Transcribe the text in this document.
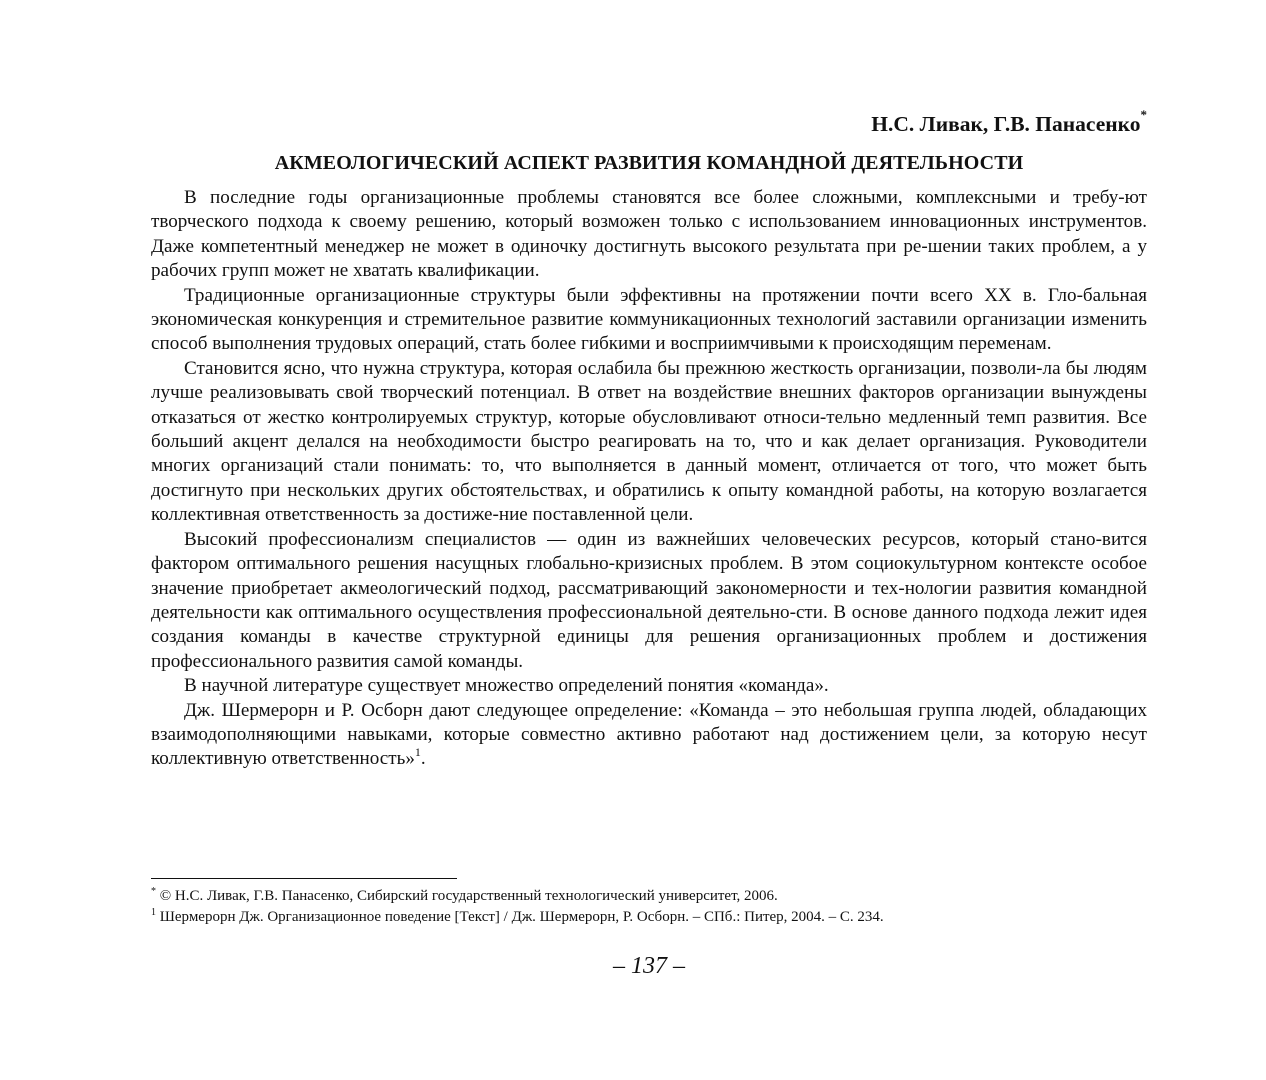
Н.С. Ливак, Г.В. Панасенко*
АКМЕОЛОГИЧЕСКИЙ АСПЕКТ РАЗВИТИЯ КОМАНДНОЙ ДЕЯТЕЛЬНОСТИ

В последние годы организационные проблемы становятся все более сложными, комплексными и требу-ют творческого подхода к своему решению, который возможен только с использованием инновационных инструментов. Даже компетентный менеджер не может в одиночку достигнуть высокого результата при ре-шении таких проблем, а у рабочих групп может не хватать квалификации.

Традиционные организационные структуры были эффективны на протяжении почти всего XX в. Гло-бальная экономическая конкуренция и стремительное развитие коммуникационных технологий заставили организации изменить способ выполнения трудовых операций, стать более гибкими и восприимчивыми к происходящим переменам.

Становится ясно, что нужна структура, которая ослабила бы прежнюю жесткость организации, позволи-ла бы людям лучше реализовывать свой творческий потенциал. В ответ на воздействие внешних факторов организации вынуждены отказаться от жестко контролируемых структур, которые обусловливают относи-тельно медленный темп развития. Все больший акцент делался на необходимости быстро реагировать на то, что и как делает организация. Руководители многих организаций стали понимать: то, что выполняется в данный момент, отличается от того, что может быть достигнуто при нескольких других обстоятельствах, и обратились к опыту командной работы, на которую возлагается коллективная ответственность за достиже-ние поставленной цели.

Высокий профессионализм специалистов — один из важнейших человеческих ресурсов, который стано-вится фактором оптимального решения насущных глобально-кризисных проблем. В этом социокультурном контексте особое значение приобретает акмеологический подход, рассматривающий закономерности и тех-нологии развития командной деятельности как оптимального осуществления профессиональной деятельно-сти. В основе данного подхода лежит идея создания команды в качестве структурной единицы для решения организационных проблем и достижения профессионального развития самой команды.

В научной литературе существует множество определений понятия «команда».

Дж. Шермерорн и Р. Осборн дают следующее определение: «Команда – это небольшая группа людей, обладающих взаимодополняющими навыками, которые совместно активно работают над достижением цели, за которую несут коллективную ответственность»$^1$.

* © Н.С. Ливак, Г.В. Панасенко, Сибирский государственный технологический университет, 2006.

$^1$ Шермерорн Дж. Организационное поведение [Текст] / Дж. Шермерорн, Р. Осборн. – СПб.: Питер, 2004. – С. 234.

– 137 –
